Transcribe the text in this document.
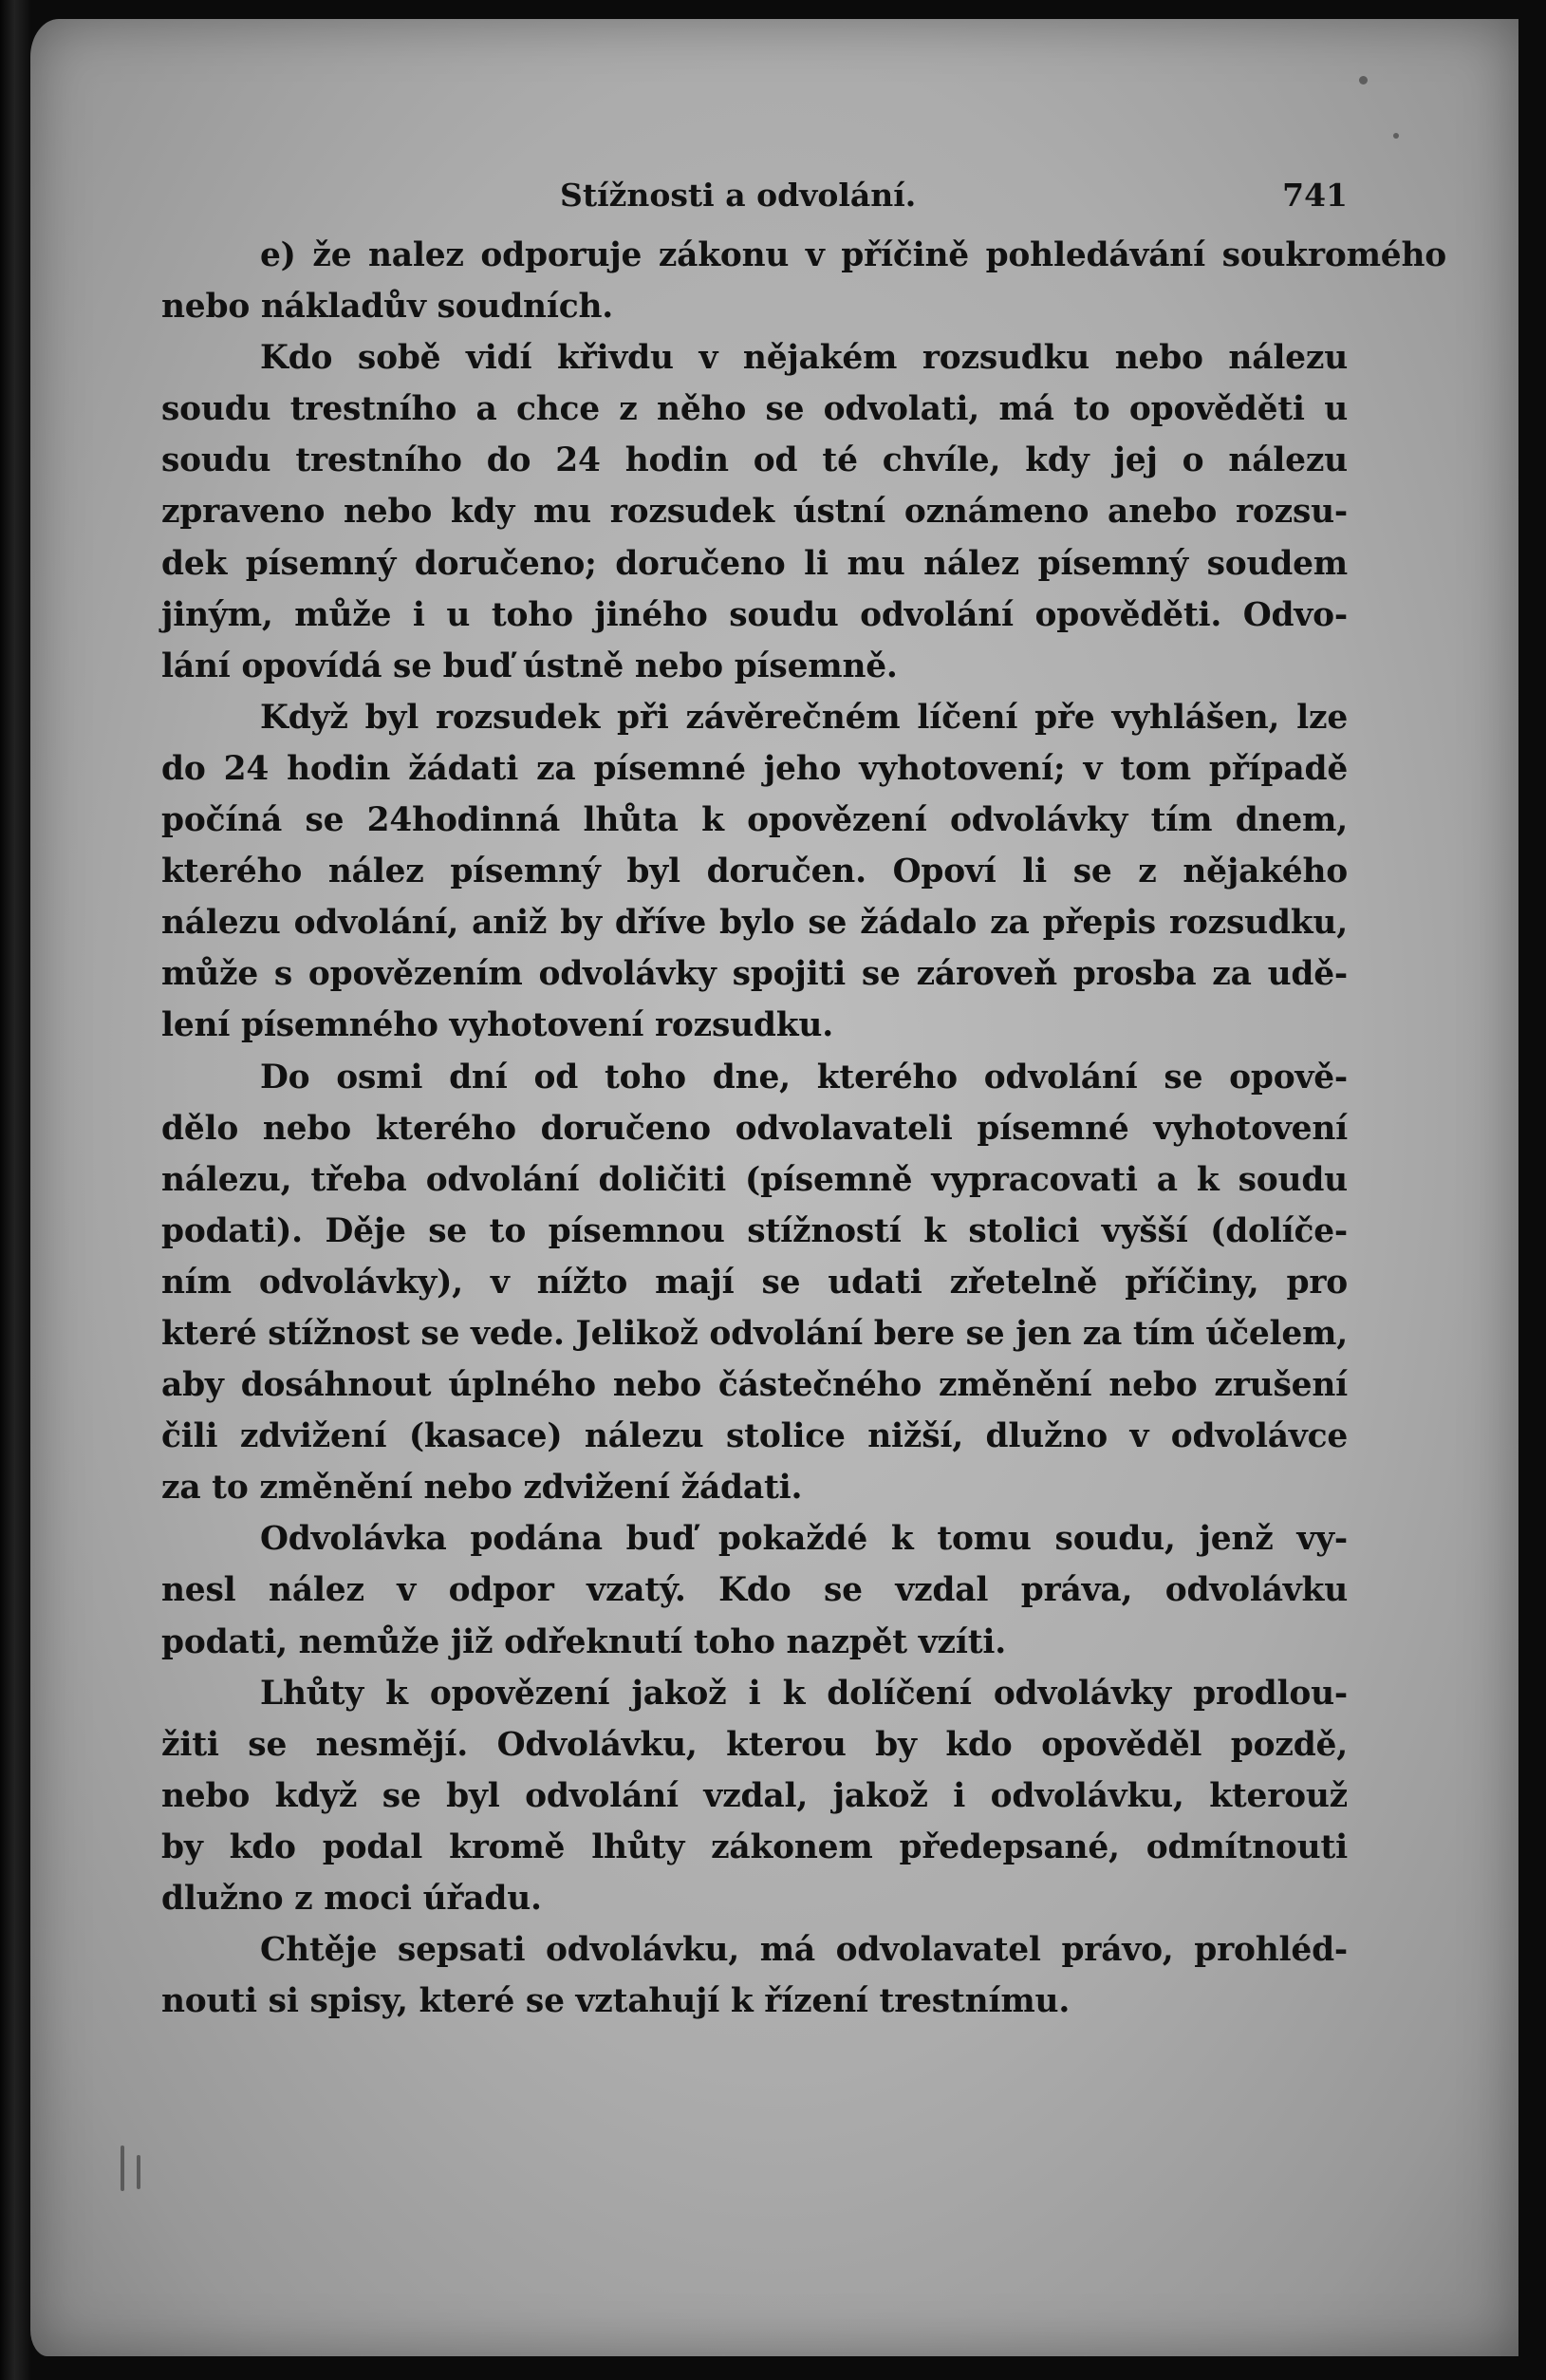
Stížnosti a odvolání.	741

e) že nalez odporuje zákonu v příčině pohledávání soukromého
nebo nákladův soudních.

Kdo sobě vidí křivdu v nějakém rozsudku nebo nálezu
soudu trestního a chce z něho se odvolati, má to opověděti u
soudu trestního do 24 hodin od té chvíle, kdy jej o nálezu
zpraveno nebo kdy mu rozsudek ústní oznámeno anebo rozsu-
dek písemný doručeno; doručeno li mu nález písemný soudem
jiným, může i u toho jiného soudu odvolání opověděti. Odvo-
lání opovídá se buď ústně nebo písemně.

Když byl rozsudek při závěrečném líčení pře vyhlášen, lze
do 24 hodin žádati za písemné jeho vyhotovení; v tom případě
počíná se 24hodinná lhůta k opovězení odvolávky tím dnem,
kterého nález písemný byl doručen. Opoví li se z nějakého
nálezu odvolání, aniž by dříve bylo se žádalo za přepis rozsudku,
může s opovězením odvolávky spojiti se zároveň prosba za udě-
lení písemného vyhotovení rozsudku.

Do osmi dní od toho dne, kterého odvolání se opově-
dělo nebo kterého doručeno odvolavateli písemné vyhotovení
nálezu, třeba odvolání doličiti (písemně vypracovati a k soudu
podati). Děje se to písemnou stížností k stolici vyšší (dolíče-
ním odvolávky), v nížto mají se udati zřetelně příčiny, pro
které stížnost se vede. Jelikož odvolání bere se jen za tím účelem,
aby dosáhnout úplného nebo částečného změnění nebo zrušení
čili zdvižení (kasace) nálezu stolice nižší, dlužno v odvolávce
za to změnění nebo zdvižení žádati.

Odvolávka podána buď pokaždé k tomu soudu, jenž vy-
nesl nález v odpor vzatý. Kdo se vzdal práva, odvolávku
podati, nemůže již odřeknutí toho nazpět vzíti.

Lhůty k opovězení jakož i k dolíčení odvolávky prodlou-
žiti se nesmějí. Odvolávku, kterou by kdo opověděl pozdě,
nebo když se byl odvolání vzdal, jakož i odvolávku, kterouž
by kdo podal kromě lhůty zákonem předepsané, odmítnouti
dlužno z moci úřadu.

Chtěje sepsati odvolávku, má odvolavatel právo, prohléd-
nouti si spisy, které se vztahují k řízení trestnímu.
